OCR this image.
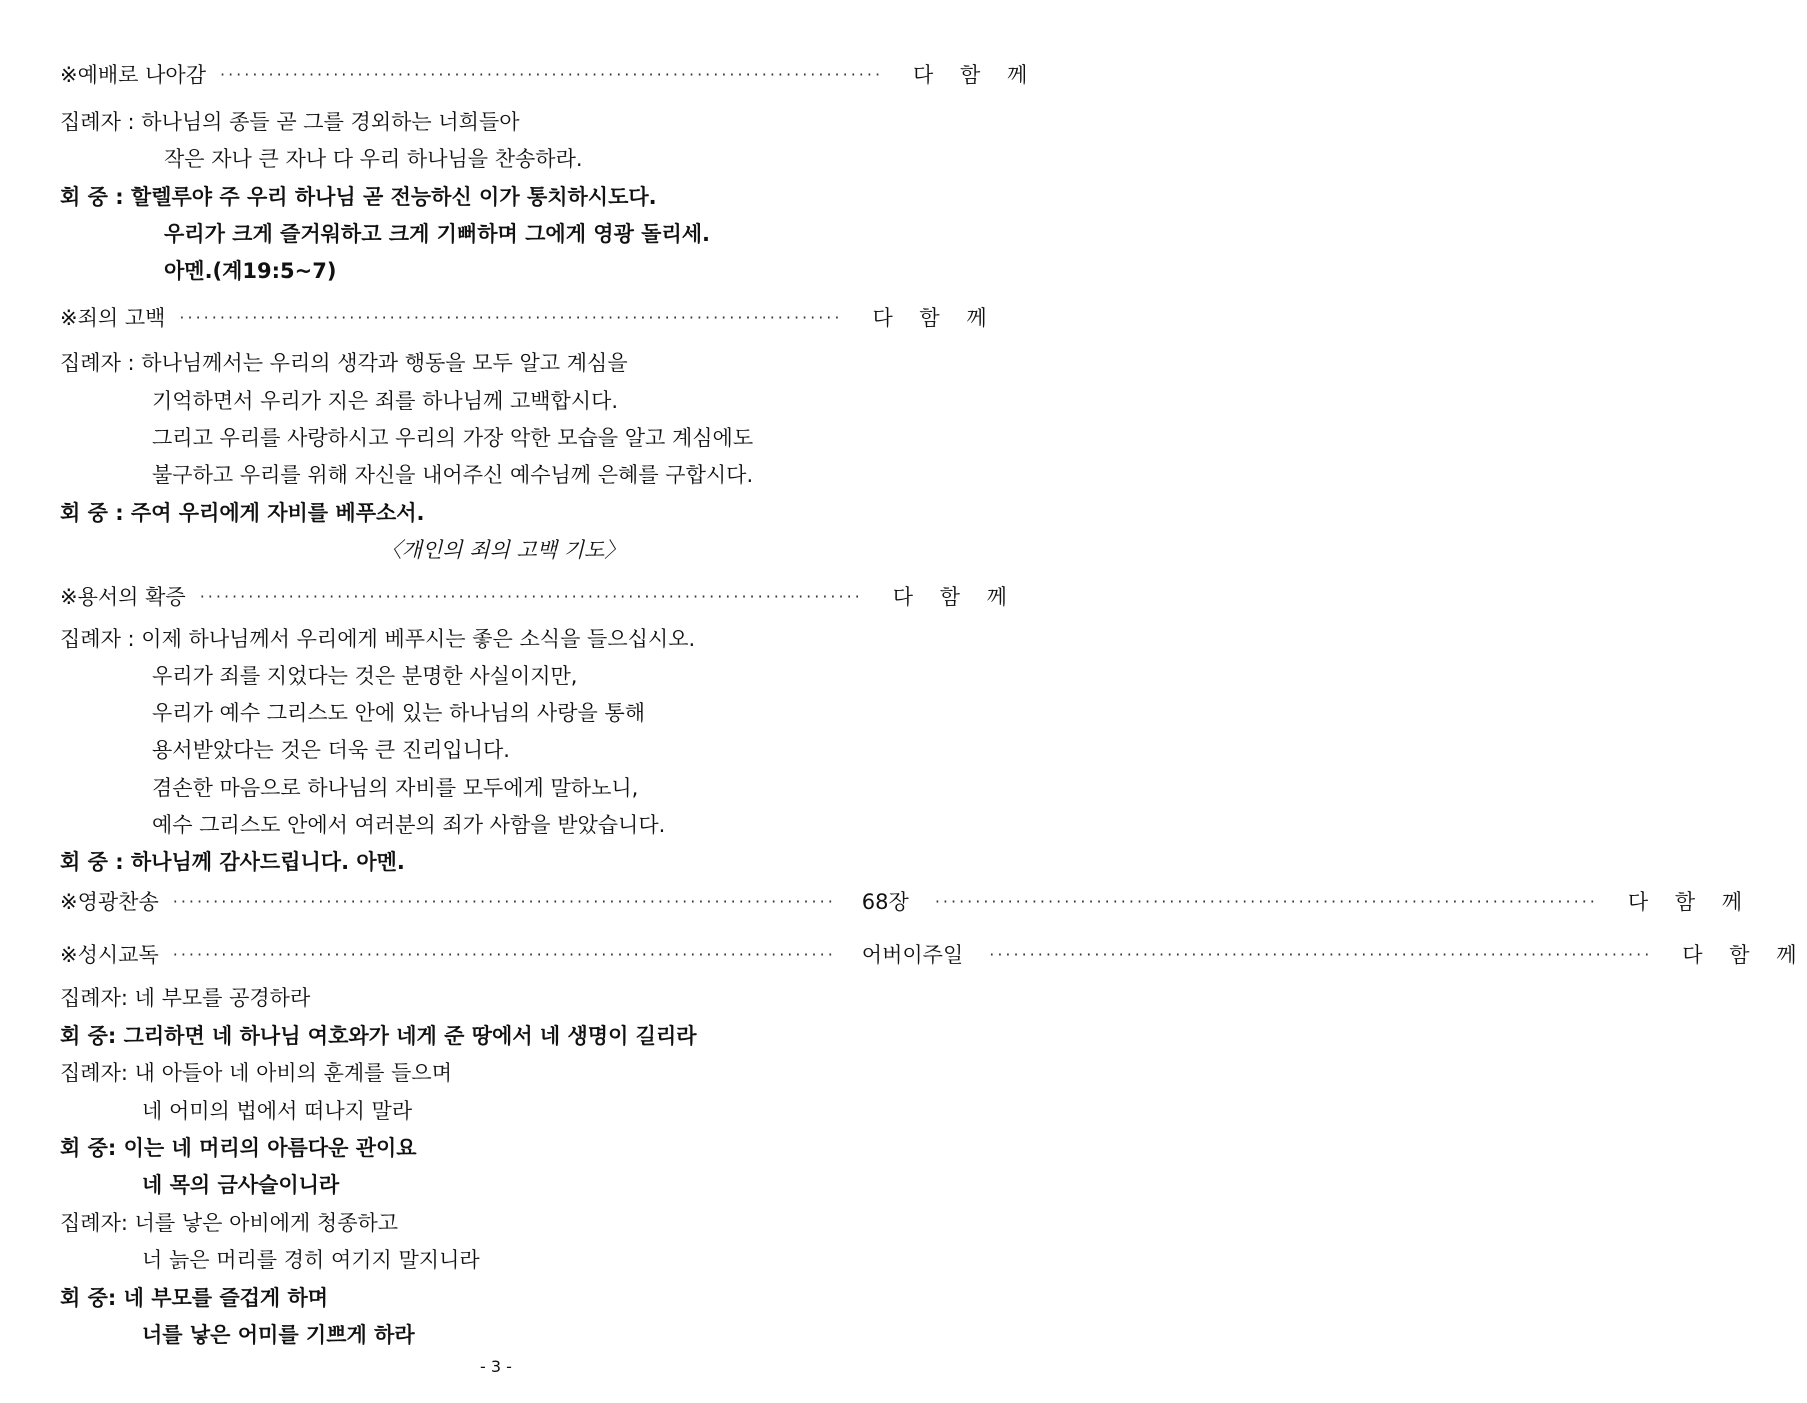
※예배로 나아감 ··················································································	다 함 께
집례자 : 하나님의 종들 곧 그를 경외하는 너희들아
작은 자나 큰 자나 다 우리 하나님을 찬송하라.
회 중 : 할렐루야 주 우리 하나님 곧 전능하신 이가 통치하시도다.
우리가 크게 즐거워하고 크게 기뻐하며 그에게 영광 돌리세.
아멘.(계19:5~7)
※죄의 고백 ··················································································	다 함 께
집례자 : 하나님께서는 우리의 생각과 행동을 모두 알고 계심을
기억하면서 우리가 지은 죄를 하나님께 고백합시다.
그리고 우리를 사랑하시고 우리의 가장 악한 모습을 알고 계심에도
불구하고 우리를 위해 자신을 내어주신 예수님께 은혜를 구합시다.
회 중 : 주여 우리에게 자비를 베푸소서.
〈개인의 죄의 고백 기도〉
※용서의 확증 ··················································································	다 함 께
집례자 : 이제 하나님께서 우리에게 베푸시는 좋은 소식을 들으십시오.
우리가 죄를 지었다는 것은 분명한 사실이지만,
우리가 예수 그리스도 안에 있는 하나님의 사랑을 통해
용서받았다는 것은 더욱 큰 진리입니다.
겸손한 마음으로 하나님의 자비를 모두에게 말하노니,
예수 그리스도 안에서 여러분의 죄가 사함을 받았습니다.
회 중 : 하나님께 감사드립니다. 아멘.
※영광찬송 ··················································································	68장	··················································································	다 함 께
※성시교독 ··················································································	어버이주일	··················································································	다 함 께
집례자: 네 부모를 공경하라
회 중: 그리하면 네 하나님 여호와가 네게 준 땅에서 네 생명이 길리라
집례자: 내 아들아 네 아비의 훈계를 들으며
네 어미의 법에서 떠나지 말라
회 중: 이는 네 머리의 아름다운 관이요
네 목의 금사슬이니라
집례자: 너를 낳은 아비에게 청종하고
너 늙은 머리를 경히 여기지 말지니라
회 중: 네 부모를 즐겁게 하며
너를 낳은 어미를 기쁘게 하라
- 3 -
